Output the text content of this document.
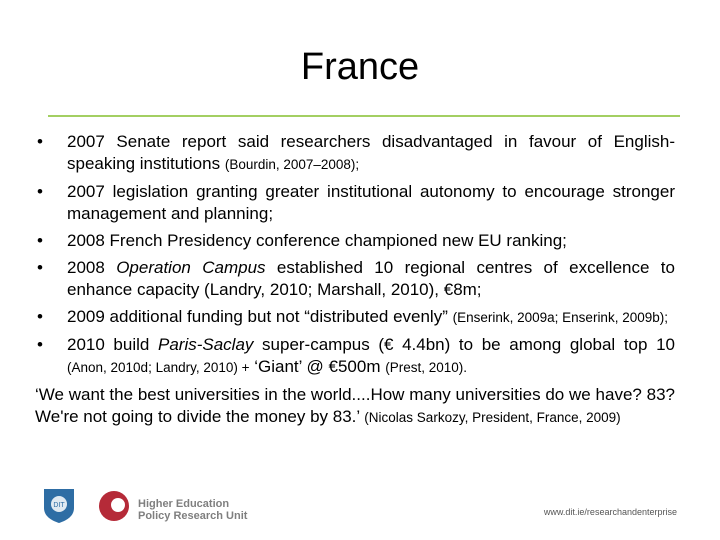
France
• 2007 Senate report said researchers disadvantaged in favour of English-speaking institutions (Bourdin, 2007–2008);
• 2007 legislation granting greater institutional autonomy to encourage stronger management and planning;
• 2008 French Presidency conference championed new EU ranking;
• 2008 Operation Campus established 10 regional centres of excellence to enhance capacity (Landry, 2010; Marshall, 2010), €8m;
• 2009 additional funding but not “distributed evenly” (Enserink, 2009a; Enserink, 2009b);
• 2010 build Paris-Saclay super-campus (€ 4.4bn) to be among global top 10 (Anon, 2010d; Landry, 2010) + ‘Giant’ @ €500m (Prest, 2010).
‘We want the best universities in the world....How many universities do we have? 83? We're not going to divide the money by 83.’ (Nicolas Sarkozy, President, France, 2009)
DIT	Higher Education
Policy Research Unit	www.dit.ie/researchandenterprise
